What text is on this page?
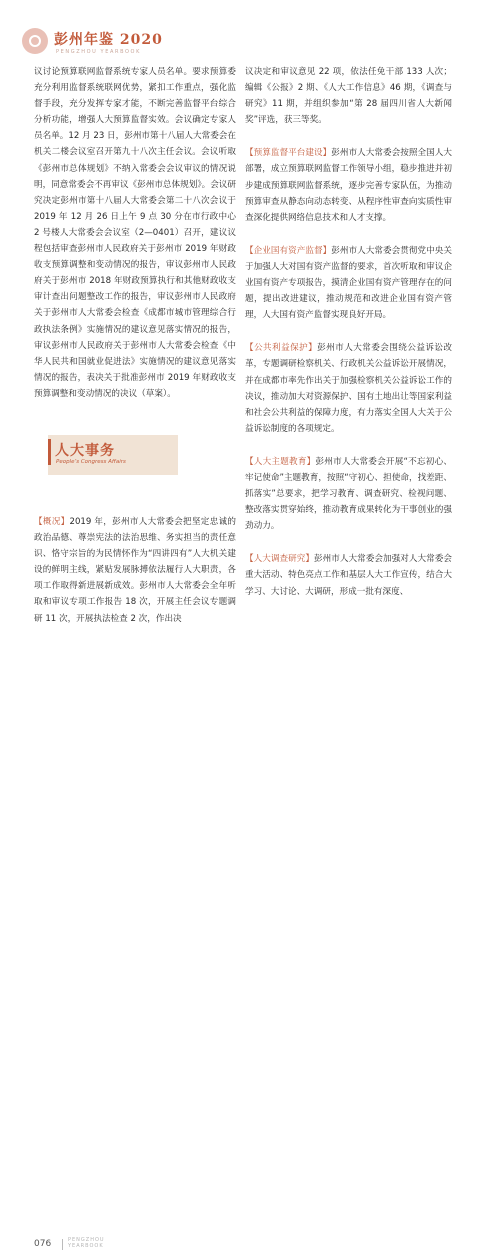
彭州年鉴 2020
PENGZHOU YEARBOOK

议讨论预算联网监督系统专家人员名单。要求预算委充分利用监督系统联网优势，紧扣工作重点，强化监督手段，充分发挥专家才能，不断完善监督平台综合分析功能，增强人大预算监督实效。会议确定专家人员名单。12 月 23 日，彭州市第十八届人大常委会在机关二楼会议室召开第九十八次主任会议。会议听取《彭州市总体规划》不纳入常委会会议审议的情况说明，同意常委会不再审议《彭州市总体规划》。会议研究决定彭州市第十八届人大常委会第二十八次会议于 2019 年 12 月 26 日上午 9 点 30 分在市行政中心 2 号楼人大常委会会议室（2—0401）召开，建议议程包括审查彭州市人民政府关于彭州市 2019 年财政收支预算调整和变动情况的报告，审议彭州市人民政府关于彭州市 2018 年财政预算执行和其他财政收支审计查出问题整改工作的报告，审议彭州市人民政府关于彭州市人大常委会检查《成都市城市管理综合行政执法条例》实施情况的建议意见落实情况的报告，审议彭州市人民政府关于彭州市人大常委会检查《中华人民共和国就业促进法》实施情况的建议意见落实情况的报告，表决关于批准彭州市 2019 年财政收支预算调整和变动情况的决议（草案）。

【概况】2019 年，彭州市人大常委会把坚定忠诚的政治品德、尊崇宪法的法治思维、务实担当的责任意识、恪守宗旨的为民情怀作为“四讲四有”人大机关建设的鲜明主线，紧贴发展脉搏依法履行人大职责，各项工作取得新进展新成效。彭州市人大常委会全年听取和审议专项工作报告 18 次，开展主任会议专题调研 11 次，开展执法检查 2 次，作出决

人大事务
People’s Congress Affairs

议决定和审议意见 22 项，依法任免干部 133 人次；编辑《公报》2 期、《人大工作信息》46 期，《调查与研究》11 期，并组织参加“第 28 届四川省人大新闻奖”评选，获三等奖。

【预算监督平台建设】彭州市人大常委会按照全国人大部署，成立预算联网监督工作领导小组，稳步推进并初步建成预算联网监督系统，逐步完善专家队伍，为推动预算审查从静态向动态转变、从程序性审查向实质性审查深化提供网络信息技术和人才支撑。

【企业国有资产监督】彭州市人大常委会贯彻党中央关于加强人大对国有资产监督的要求，首次听取和审议企业国有资产专项报告，摸清企业国有资产管理存在的问题，提出改进建议，推动规范和改进企业国有资产管理，人大国有资产监督实现良好开局。

【公共利益保护】彭州市人大常委会围绕公益诉讼改革，专题调研检察机关、行政机关公益诉讼开展情况，并在成都市率先作出关于加强检察机关公益诉讼工作的决议，推动加大对资源保护、国有土地出让等国家利益和社会公共利益的保障力度，有力落实全国人大关于公益诉讼制度的各项规定。

【人大主题教育】彭州市人大常委会开展“不忘初心、牢记使命”主题教育，按照“守初心、担使命，找差距、抓落实”总要求，把学习教育、调查研究、检视问题、整改落实贯穿始终，推动教育成果转化为干事创业的强劲动力。

【人大调查研究】彭州市人大常委会加强对人大常委会重大活动、特色亮点工作和基层人大工作宣传，结合大学习、大讨论、大调研，形成一批有深度、

076	PENGZHOU
YEARBOOK
